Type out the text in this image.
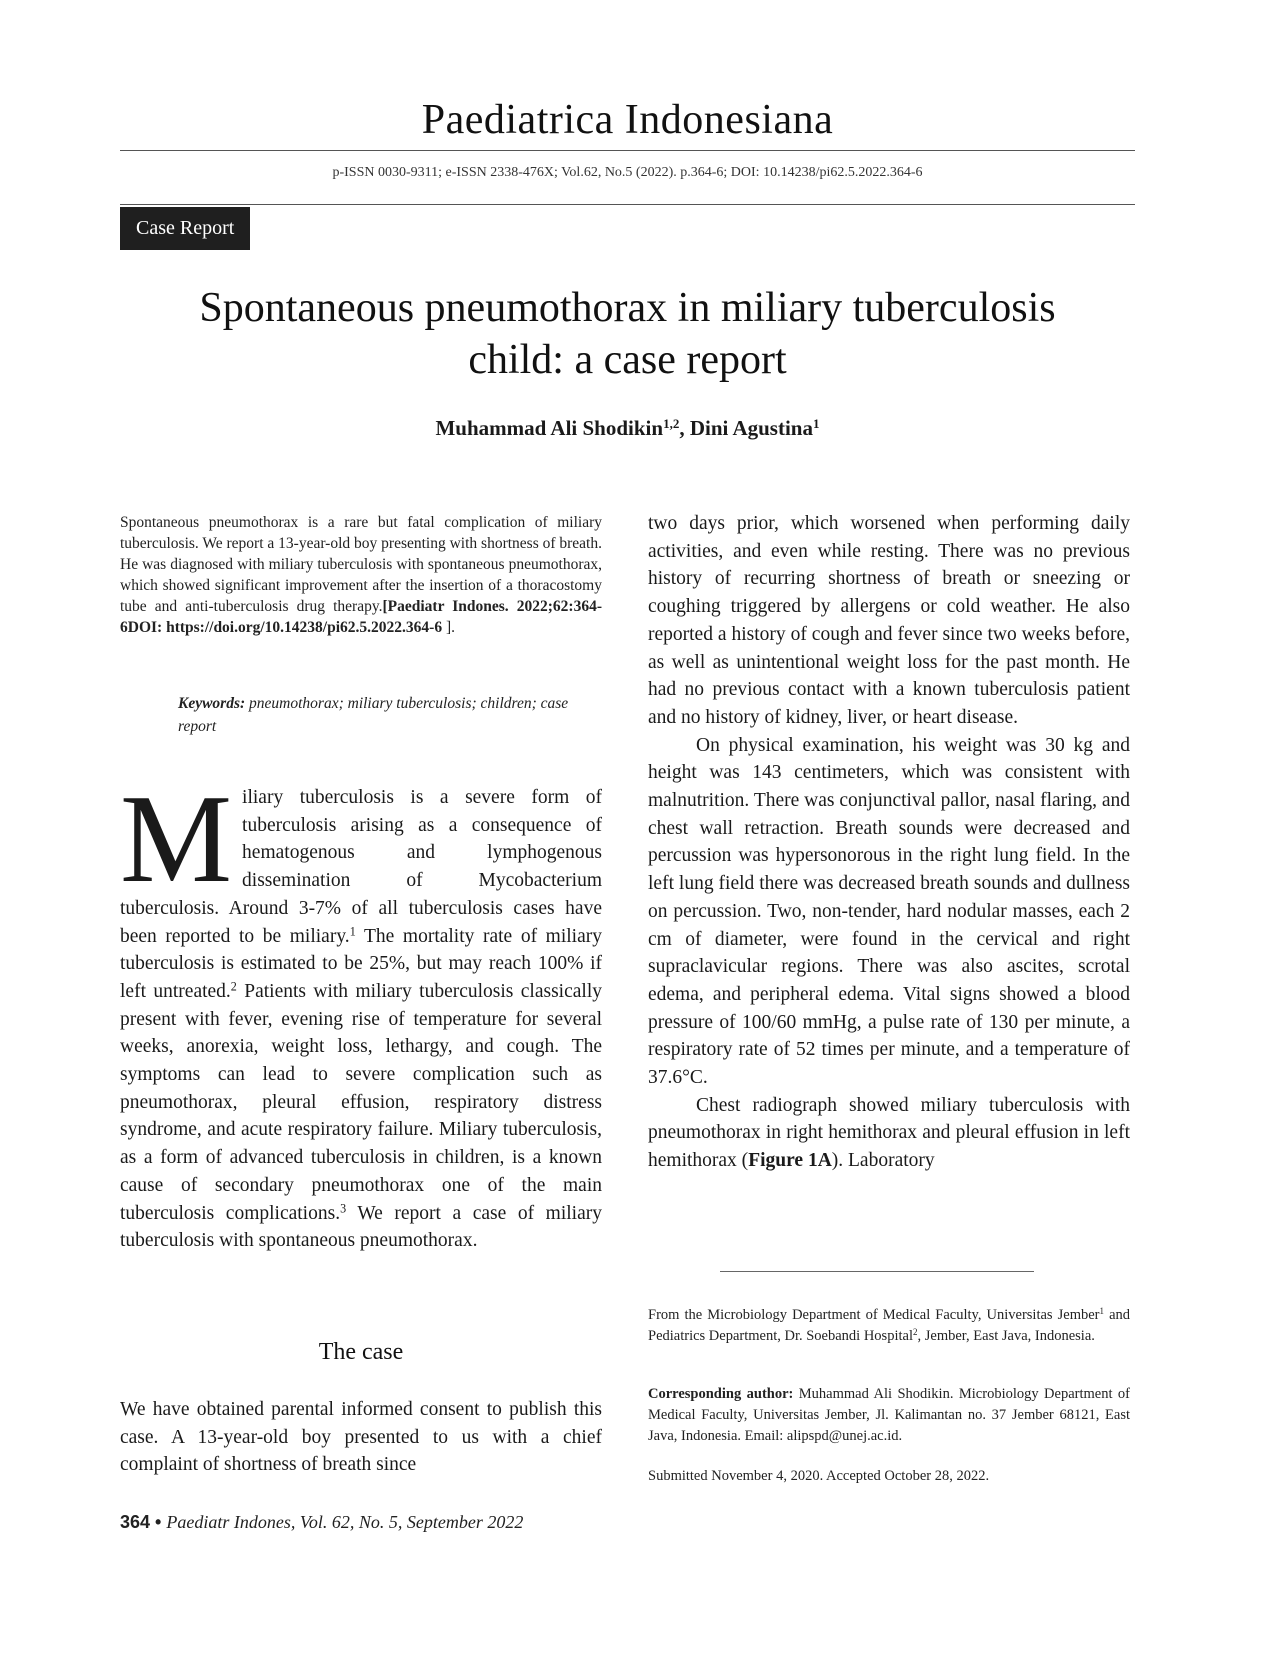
Paediatrica Indonesiana
p-ISSN 0030-9311; e-ISSN 2338-476X; Vol.62, No.5 (2022). p.364-6; DOI: 10.14238/pi62.5.2022.364-6
Case Report
Spontaneous pneumothorax in miliary tuberculosis
child: a case report
Muhammad Ali Shodikin$^{1,2}$, Dini Agustina$^1$
Spontaneous pneumothorax is a rare but fatal complication of miliary tuberculosis. We report a 13-year-old boy presenting with shortness of breath. He was diagnosed with miliary tuberculosis with spontaneous pneumothorax, which showed significant improvement after the insertion of a thoracostomy tube and anti-tuberculosis drug therapy.[Paediatr Indones. 2022;62:364-6DOI: https://doi.org/10.14238/pi62.5.2022.364-6 ].
Keywords: pneumothorax; miliary tuberculosis; children; case report
Miliary tuberculosis is a severe form of tuberculosis arising as a consequence of hematogenous and lymphogenous dissemination of Mycobacterium tuberculosis. Around 3-7% of all tuberculosis cases have been reported to be miliary.$^1$ The mortality rate of miliary tuberculosis is estimated to be 25%, but may reach 100% if left untreated.$^2$ Patients with miliary tuberculosis classically present with fever, evening rise of temperature for several weeks, anorexia, weight loss, lethargy, and cough. The symptoms can lead to severe complication such as pneumothorax, pleural effusion, respiratory distress syndrome, and acute respiratory failure. Miliary tuberculosis, as a form of advanced tuberculosis in children, is a known cause of secondary pneumothorax one of the main tuberculosis complications.$^3$ We report a case of miliary tuberculosis with spontaneous pneumothorax.
The case
We have obtained parental informed consent to publish this case. A 13-year-old boy presented to us with a chief complaint of shortness of breath since

two days prior, which worsened when performing daily activities, and even while resting. There was no previous history of recurring shortness of breath or sneezing or coughing triggered by allergens or cold weather. He also reported a history of cough and fever since two weeks before, as well as unintentional weight loss for the past month. He had no previous contact with a known tuberculosis patient and no history of kidney, liver, or heart disease.

On physical examination, his weight was 30 kg and height was 143 centimeters, which was consistent with malnutrition. There was conjunctival pallor, nasal flaring, and chest wall retraction. Breath sounds were decreased and percussion was hypersonorous in the right lung field. In the left lung field there was decreased breath sounds and dullness on percussion. Two, non-tender, hard nodular masses, each 2 cm of diameter, were found in the cervical and right supraclavicular regions. There was also ascites, scrotal edema, and peripheral edema. Vital signs showed a blood pressure of 100/60 mmHg, a pulse rate of 130 per minute, a respiratory rate of 52 times per minute, and a temperature of 37.6°C.

Chest radiograph showed miliary tuberculosis with pneumothorax in right hemithorax and pleural effusion in left hemithorax (Figure 1A). Laboratory

From the Microbiology Department of Medical Faculty, Universitas Jember$^1$ and Pediatrics Department, Dr. Soebandi Hospital$^2$, Jember, East Java, Indonesia.
Corresponding author: Muhammad Ali Shodikin. Microbiology Department of Medical Faculty, Universitas Jember, Jl. Kalimantan no. 37 Jember 68121, East Java, Indonesia. Email: alipspd@unej.ac.id.
Submitted November 4, 2020. Accepted October 28, 2022.
364 • Paediatr Indones, Vol. 62, No. 5, September 2022
